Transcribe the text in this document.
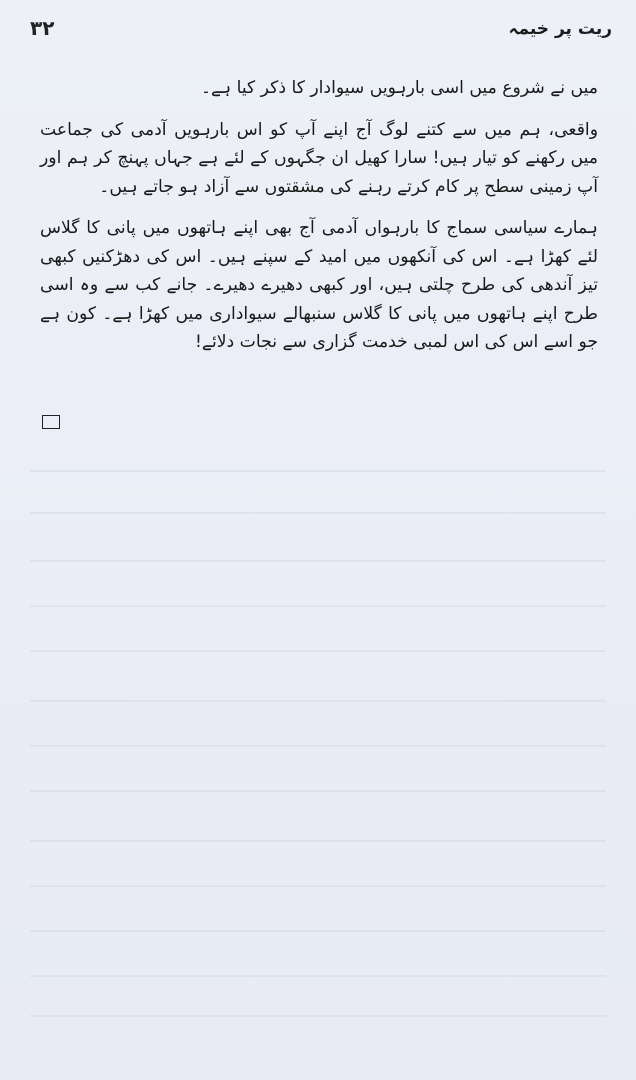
۳۲	ریت پر خیمہ

میں نے شروع میں اسی بارہویں سیوادار کا ذکر کیا ہے۔

واقعی، ہم میں سے کتنے لوگ آج اپنے آپ کو اس بارہویں آدمی کی جماعت میں رکھنے کو تیار ہیں! سارا کھیل ان جگہوں کے لئے ہے جہاں پہنچ کر ہم اور آپ زمینی سطح پر کام کرتے رہنے کی مشقتوں سے آزاد ہو جاتے ہیں۔

ہمارے سیاسی سماج کا بارہواں آدمی آج بھی اپنے ہاتھوں میں پانی کا گلاس لئے کھڑا ہے۔ اس کی آنکھوں میں امید کے سپنے ہیں۔ اس کی دھڑکنیں کبھی تیز آندھی کی طرح چلتی ہیں، اور کبھی دھیرے دھیرے۔ جانے کب سے وہ اسی طرح اپنے ہاتھوں میں پانی کا گلاس سنبھالے سیواداری میں کھڑا ہے۔ کون ہے جو اسے اس کی اس لمبی خدمت گزاری سے نجات دلائے!
